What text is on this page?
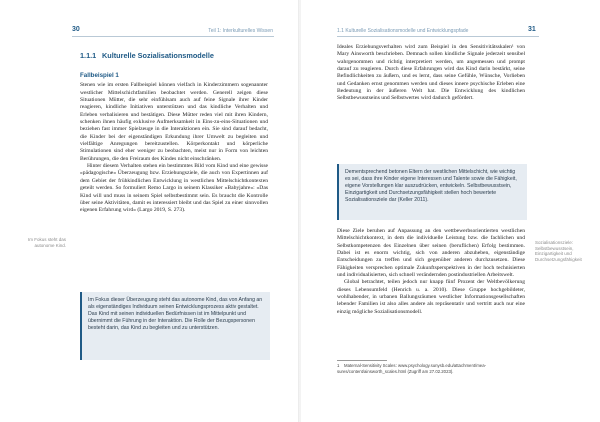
30	Teil 1: Interkulturelles Wissen
1.1.1 Kulturelle Sozialisationsmodelle
Fallbeispiel 1

Stenen wie im ersten Fallbeispiel können vielfach in Kinderzimmern sogenannter westlicher Mittelschichtfamilien beobachtet werden. Generell zeigen diese Situationen Mütter, die sehr einfühlsam auch auf feine Signale ihrer Kinder reagieren, kindliche Initiativen unterstützen und das kindliche Verhalten und Erleben verbalisieren und bestätigen. Diese Mütter reden viel mit ihren Kindern, schenken ihnen häufig exklusive Aufmerksamkeit in Eins-zu-eins-Situationen und beziehen fast immer Spielzeuge in die Interaktionen ein. Sie sind darauf bedacht, die Kinder bei der eigenständigen Erkundung ihrer Umwelt zu begleiten und vielfältige Anregungen bereitzustellen. Körperkontakt und körperliche Stimulationen sind eher weniger zu beobachten, meist nur in Form von leichten Berührungen, die den Freiraum des Kindes nicht einschränken.

Hinter diesem Verhalten stehen ein bestimmtes Bild vom Kind und eine gewisse »pädagogische« Überzeugung bzw. Erziehungsziele, die auch von Expertinnen auf dem Gebiet der frühkindlichen Entwicklung in westlichen Mittelschichtkontexten geteilt werden. So formuliert Remo Largo in seinem Klassiker »Babyjahre«: »Das Kind will und muss in seinem Spiel selbstbestimmt sein. Es braucht die Kontrolle über seine Aktivitäten, damit es interessiert bleibt und das Spiel zu einer sinnvollen eigenen Erfahrung wird« (Largo 2019, S. 273).

Im Fokus steht das autonome Kind.
Im Fokus dieser Überzeugung steht das autonome Kind, das von Anfang an als eigenständiges Individuum seinen Entwicklungsprozess aktiv gestaltet. Das Kind mit seinen individuellen Bedürfnissen ist im Mittelpunkt und übernimmt die Führung in der Interaktion. Die Rolle der Bezugspersonen besteht darin, das Kind zu begleiten und zu unterstützen.
1.1 Kulturelle Sozialisationsmodelle und Entwicklungspfade	31
Ideales Erziehungsverhalten wird zum Beispiel in den Sensitivitätsskalen¹ von Mary Ainsworth beschrieben. Demnach sollen kindliche Signale jederzeit sensibel wahrgenommen und richtig interpretiert werden, um angemessen und prompt darauf zu reagieren. Durch diese Erfahrungen wird das Kind darin bestärkt, seine Befindlichkeiten zu äußern, und es lernt, dass seine Gefühle, Wünsche, Vorlieben und Gedanken ernst genommen werden und dieses innere psychische Erleben eine Bedeutung in der äußeren Welt hat. Die Entwicklung des kindlichen Selbstbewusstseins und Selbstwertes wird dadurch gefördert.
Dementsprechend betonen Eltern der westlichen Mittelschicht, wie wichtig es sei, dass ihre Kinder eigene Interessen und Talente sowie die Fähigkeit, eigene Vorstellungen klar auszudrücken, entwickeln. Selbstbewusstsein, Einzigartigkeit und Durchsetzungsfähigkeit stellen hoch bewertete Sozialisationsziele dar (Keller 2011).

Diese Ziele beruhen auf Anpassung an den wettbewerbsorientierten westlichen Mittelschichtkontext, in dem die individuelle Leistung bzw. die fachlichen und Selbstkompetenzen des Einzelnen über seinen (beruflichen) Erfolg bestimmen. Dabei ist es enorm wichtig, sich von anderen abzuheben, eigenständige Entscheidungen zu treffen und sich gegenüber anderen durchzusetzen. Diese Fähigkeiten versprechen optimale Zukunftsperspektiven in der hoch technisierten und individualisierten, sich schnell verändernden postindustriellen Arbeitswelt.

Global betrachtet, teilen jedoch nur knapp fünf Prozent der Weltbevölkerung dieses Lebensumfeld (Henrich u. a. 2010). Diese Gruppe hochgebildeter, wohlhabender, in urbanen Ballungsräumen westlicher Informationsgesellschaften lebender Familien ist also alles andere als repräsentativ und vertritt auch nur eine einzig mögliche Sozialisationsmodell.

Sozialisationsziele: Selbstbewusstsein, Einzigartigkeit und Durchsetzungsfähigkeit
1 Maternal-Sensitivity Scales: www.psychology.sunysb.edu/attachment/mea- sures/content/ainsworth_scales.html (Zugriff am 27.02.2023).
